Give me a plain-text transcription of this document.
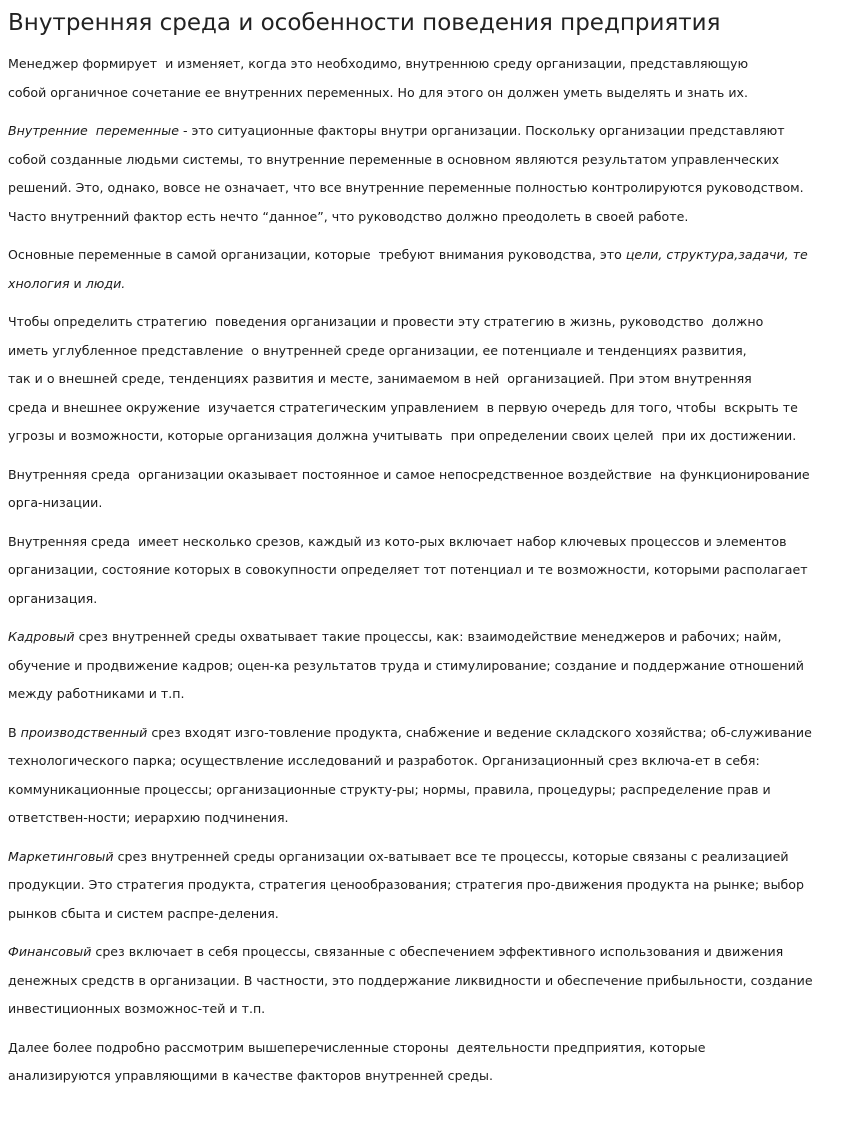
Внутренняя среда и особенности поведения предприятия

Менеджер формирует  и изменяет, когда это необходимо, внутреннюю среду организации, представляющую
собой органичное сочетание ее внутренних переменных. Но для этого он должен уметь выделять и знать их.

Внутренние  переменные - это ситуационные факторы внутри организации. Поскольку организации представляют
собой созданные людьми системы, то внутренние переменные в основном являются результатом управленческих
решений. Это, однако, вовсе не означает, что все внутренние переменные полностью контролируются руководством.
Часто внутренний фактор есть нечто “данное”, что руководство должно преодолеть в своей работе.

Основные переменные в самой организации, которые  требуют внимания руководства, это цели, структура,задачи, те
хнология и люди.

Чтобы определить стратегию  поведения организации и провести эту стратегию в жизнь, руководство  должно
иметь углубленное представление  о внутренней среде организации, ее потенциале и тенденциях развития,
так и о внешней среде, тенденциях развития и месте, занимаемом в ней  организацией. При этом внутренняя
среда и внешнее окружение  изучается стратегическим управлением  в первую очередь для того, чтобы  вскрыть те
угрозы и возможности, которые организация должна учитывать  при определении своих целей  при их достижении.

Внутренняя среда  организации оказывает постоянное и самое непосредственное воздействие  на функционирование
орга-низации.

Внутренняя среда  имеет несколько срезов, каждый из кото-рых включает набор ключевых процессов и элементов
организации, состояние которых в совокупности определяет тот потенциал и те возможности, которыми располагает
организация.

Кадровый срез внутренней среды охватывает такие процессы, как: взаимодействие менеджеров и рабочих; найм,
обучение и продвижение кадров; оцен-ка результатов труда и стимулирование; создание и поддержание отношений
между работниками и т.п.

В производственный срез входят изго-товление продукта, снабжение и ведение складского хозяйства; об-служивание
технологического парка; осуществление исследований и разработок. Организационный срез включа-ет в себя:
коммуникационные процессы; организационные структу-ры; нормы, правила, процедуры; распределение прав и
ответствен-ности; иерархию подчинения.

Маркетинговый срез внутренней среды организации ох-ватывает все те процессы, которые связаны с реализацией
продукции. Это стратегия продукта, стратегия ценообразования; стратегия про-движения продукта на рынке; выбор
рынков сбыта и систем распре-деления.

Финансовый срез включает в себя процессы, связанные с обеспечением эффективного использования и движения
денежных средств в организации. В частности, это поддержание ликвидности и обеспечение прибыльности, создание
инвестиционных возможнос-тей и т.п.

Далее более подробно рассмотрим вышеперечисленные стороны  деятельности предприятия, которые
анализируются управляющими в качестве факторов внутренней среды.
